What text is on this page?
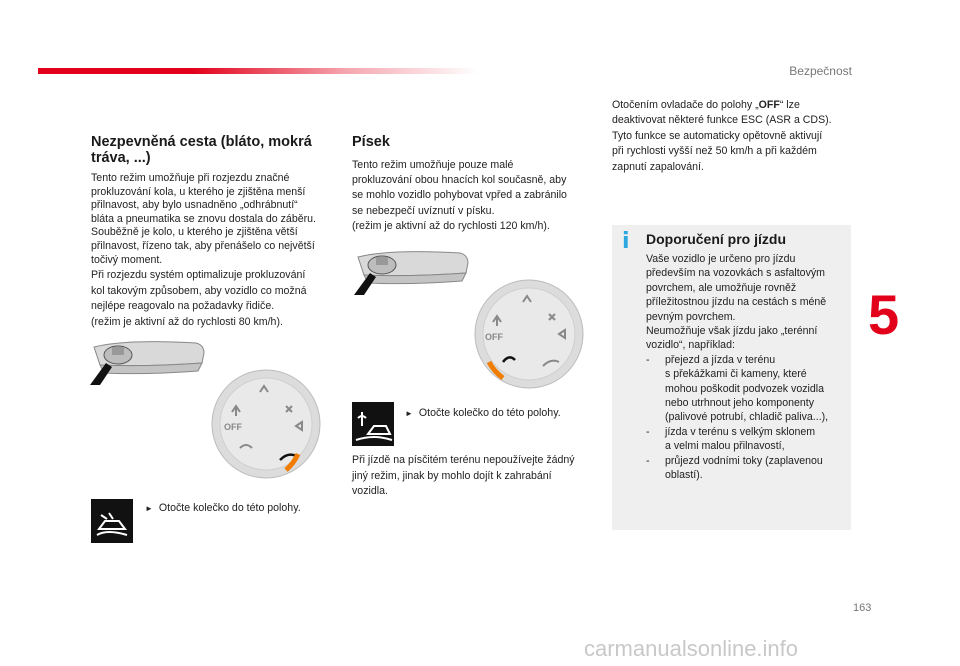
Bezpečnost
Nezpevněná cesta (bláto, mokrá tráva, ...)
Tento režim umožňuje při rozjezdu značné
prokluzování kola, u kterého je zjištěna menší
přilnavost, aby bylo usnadněno „odhrábnutí“
bláta a pneumatika se znovu dostala do záběru.
Souběžně je kolo, u kterého je zjištěna větší
přilnavost, řízeno tak, aby přenášelo co největší
točivý moment.
Při rozjezdu systém optimalizuje prokluzování
kol takovým způsobem, aby vozidlo co možná
nejlépe reagovalo na požadavky řidiče.
(režim je aktivní až do rychlosti 80 km/h).
OFF
► Otočte kolečko do této polohy.
Písek
Tento režim umožňuje pouze malé
prokluzování obou hnacích kol současně, aby
se mohlo vozidlo pohybovat vpřed a zabránilo
se nebezpečí uvíznutí v písku.
(režim je aktivní až do rychlosti 120 km/h).
OFF
► Otočte kolečko do této polohy.
Při jízdě na písčitém terénu nepoužívejte žádný
jiný režim, jinak by mohlo dojít k zahrabání
vozidla.
Otočením ovladače do polohy „OFF“ lze
deaktivovat některé funkce ESC (ASR a CDS).
Tyto funkce se automaticky opětovně aktivují
při rychlosti vyšší než 50 km/h a při každém
zapnutí zapalování.
i	Doporučení pro jízdu
Vaše vozidlo je určeno pro jízdu
především na vozovkách s asfaltovým
povrchem, ale umožňuje rovněž
příležitostnou jízdu na cestách s méně
pevným povrchem.
Neumožňuje však jízdu jako „terénní
vozidlo“, například:
- přejezd a jízda v terénu
s překážkami či kameny, které
mohou poškodit podvozek vozidla
nebo utrhnout jeho komponenty
(palivové potrubí, chladič paliva...),
- jízda v terénu s velkým sklonem
a velmi malou přilnavostí,
- průjezd vodními toky (zaplavenou
oblastí).
5
163
carmanualsonline.info
